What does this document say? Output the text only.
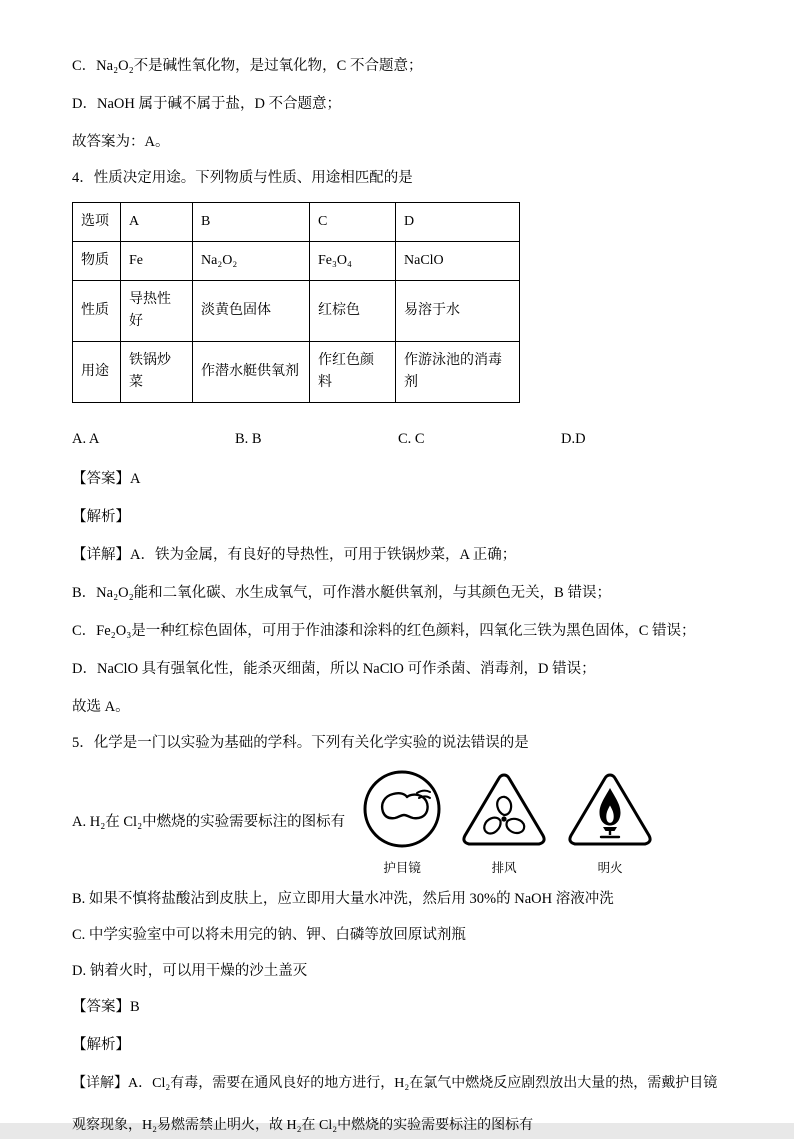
C．Na₂O₂不是碱性氧化物，是过氧化物，C 不合题意；

D．NaOH 属于碱不属于盐，D 不合题意；

故答案为：A。

4．性质决定用途。下列物质与性质、用途相匹配的是

选项	A	B	C	D
物质	Fe	Na₂O₂	Fe₃O₄	NaClO
性质	导热性好	淡黄色固体	红棕色	易溶于水
用途	铁锅炒菜	作潜水艇供氧剂	作红色颜料	作游泳池的消毒剂
A. A	B. B	C. C	D.D

【答案】A

【解析】

【详解】A．铁为金属，有良好的导热性，可用于铁锅炒菜，A 正确；

B．Na₂O₂能和二氧化碳、水生成氧气，可作潜水艇供氧剂，与其颜色无关，B 错误；

C．Fe₂O₃是一种红棕色固体，可用于作油漆和涂料的红色颜料，四氧化三铁为黑色固体，C 错误；

D．NaClO 具有强氧化性，能杀灭细菌，所以 NaClO 可作杀菌、消毒剂，D 错误；

故选 A。

5．化学是一门以实验为基础的学科。下列有关化学实验的说法错误的是

A. H₂在 Cl₂中燃烧的实验需要标注的图标有
护目镜	排风	明火

B. 如果不慎将盐酸沾到皮肤上，应立即用大量水冲洗，然后用 30%的 NaOH 溶液冲洗

C. 中学实验室中可以将未用完的钠、钾、白磷等放回原试剂瓶

D. 钠着火时，可以用干燥的沙土盖灭

【答案】B

【解析】

【详解】A．Cl₂有毒，需要在通风良好的地方进行，H₂在氯气中燃烧反应剧烈放出大量的热，需戴护目镜

观察现象，H₂易燃需禁止明火，故 H₂在 Cl₂中燃烧的实验需要标注的图标有
